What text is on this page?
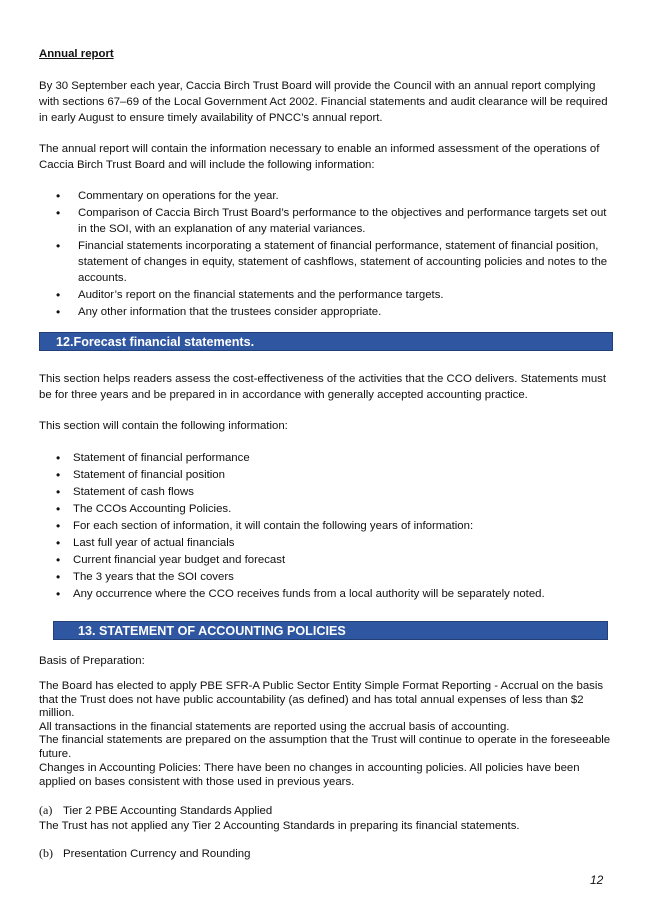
Annual report

By 30 September each year, Caccia Birch Trust Board will provide the Council with an annual report complying with sections 67–69 of the Local Government Act 2002. Financial statements and audit clearance will be required in early August to ensure timely availability of PNCC’s annual report.

The annual report will contain the information necessary to enable an informed assessment of the operations of Caccia Birch Trust Board and will include the following information:

• Commentary on operations for the year.
• Comparison of Caccia Birch Trust Board’s performance to the objectives and performance targets set out in the SOI, with an explanation of any material variances.
• Financial statements incorporating a statement of financial performance, statement of financial position, statement of changes in equity, statement of cashflows, statement of accounting policies and notes to the accounts.
• Auditor’s report on the financial statements and the performance targets.
• Any other information that the trustees consider appropriate.
12.Forecast financial statements.

This section helps readers assess the cost-effectiveness of the activities that the CCO delivers. Statements must be for three years and be prepared in in accordance with generally accepted accounting practice.

This section will contain the following information:

• Statement of financial performance
• Statement of financial position
• Statement of cash flows
• The CCOs Accounting Policies.
• For each section of information, it will contain the following years of information:
• Last full year of actual financials
• Current financial year budget and forecast
• The 3 years that the SOI covers
• Any occurrence where the CCO receives funds from a local authority will be separately noted.
13. STATEMENT OF ACCOUNTING POLICIES

Basis of Preparation:

The Board has elected to apply PBE SFR-A Public Sector Entity Simple Format Reporting - Accrual on the basis that the Trust does not have public accountability (as defined) and has total annual expenses of less than $2 million.

All transactions in the financial statements are reported using the accrual basis of accounting.

The financial statements are prepared on the assumption that the Trust will continue to operate in the foreseeable future.

Changes in Accounting Policies: There have been no changes in accounting policies. All policies have been applied on bases consistent with those used in previous years.

(a) Tier 2 PBE Accounting Standards Applied

The Trust has not applied any Tier 2 Accounting Standards in preparing its financial statements.

(b) Presentation Currency and Rounding
12
